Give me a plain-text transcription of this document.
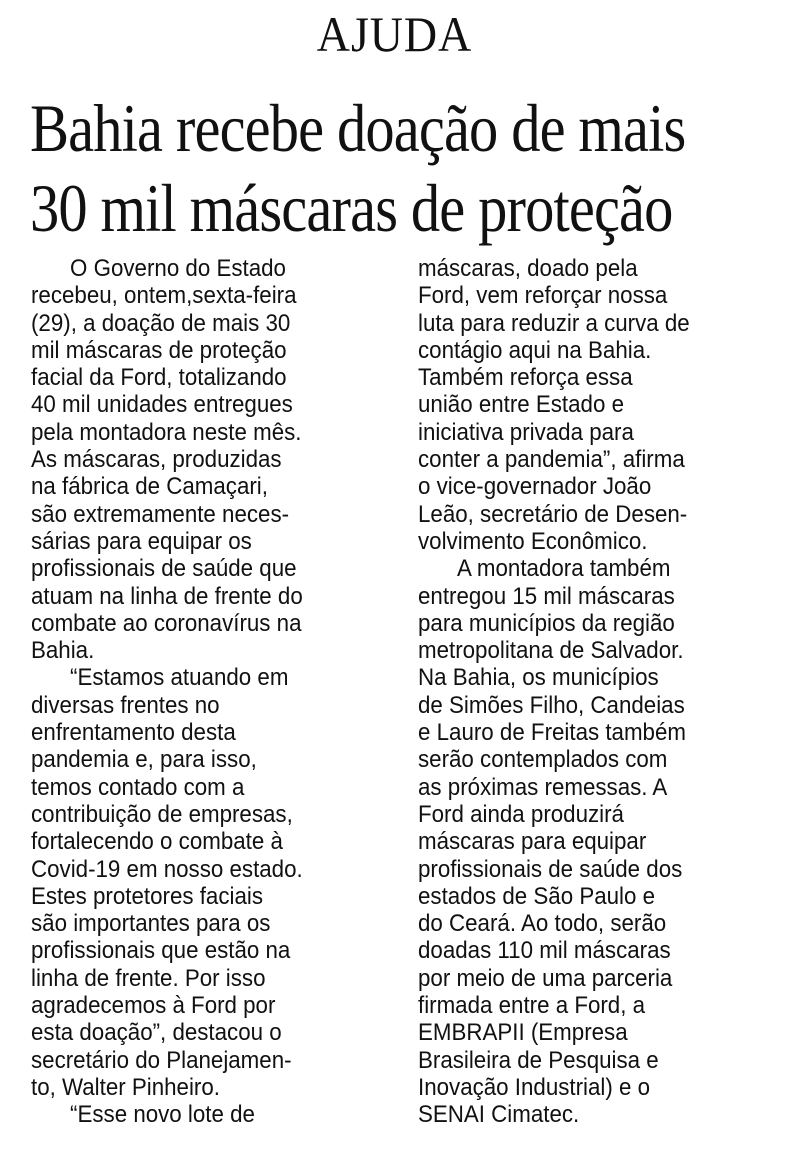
AJUDA
Bahia recebe doação de mais
30 mil máscaras de proteção
O Governo do Estado
recebeu, ontem,sexta-feira
(29), a doação de mais 30
mil máscaras de proteção
facial da Ford, totalizando
40 mil unidades entregues
pela montadora neste mês.
As máscaras, produzidas
na fábrica de Camaçari,
são extremamente neces-
sárias para equipar os
profissionais de saúde que
atuam na linha de frente do
combate ao coronavírus na
Bahia.
“Estamos atuando em
diversas frentes no
enfrentamento desta
pandemia e, para isso,
temos contado com a
contribuição de empresas,
fortalecendo o combate à
Covid-19 em nosso estado.
Estes protetores faciais
são importantes para os
profissionais que estão na
linha de frente. Por isso
agradecemos à Ford por
esta doação”, destacou o
secretário do Planejamen-
to, Walter Pinheiro.
“Esse novo lote de
máscaras, doado pela
Ford, vem reforçar nossa
luta para reduzir a curva de
contágio aqui na Bahia.
Também reforça essa
união entre Estado e
iniciativa privada para
conter a pandemia”, afirma
o vice-governador João
Leão, secretário de Desen-
volvimento Econômico.
A montadora também
entregou 15 mil máscaras
para municípios da região
metropolitana de Salvador.
Na Bahia, os municípios
de Simões Filho, Candeias
e Lauro de Freitas também
serão contemplados com
as próximas remessas. A
Ford ainda produzirá
máscaras para equipar
profissionais de saúde dos
estados de São Paulo e
do Ceará. Ao todo, serão
doadas 110 mil máscaras
por meio de uma parceria
firmada entre a Ford, a
EMBRAPII (Empresa
Brasileira de Pesquisa e
Inovação Industrial) e o
SENAI Cimatec.
